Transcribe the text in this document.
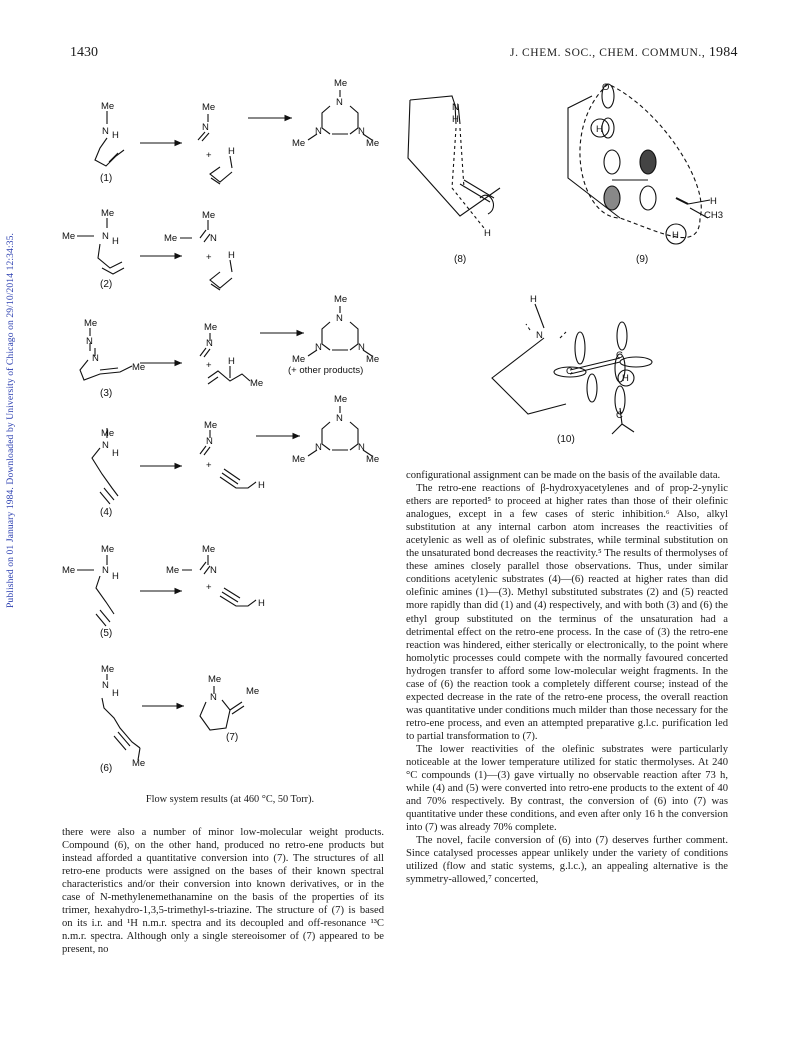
Published on 01 January 1984. Downloaded by University of Chicago on 29/10/2014 12:34:35.
1430	J. CHEM. SOC., CHEM. COMMUN., 1984
Me
N H
Me
N
+ H
Me
N
N	N
Me	Me
(1)
Me
Me	N H
Me
Me	N
+ H
(2)
Me
N
N
Me
Me
N
+ H
Me
(+ other products)
Me
N
N	N
Me	Me
(3)
Me
N
H
Me
N
+
H
Me
N
N	N
Me	Me
(4)
Me
Me	N
H
Me
Me	N
+
H
(5)
Me
N
H
Me
(6)
Me
N
Me
(7)
N
H
H
(8)
O
H
H
H
CH3
(9)
H
N
C
C
H
C
(10)

Flow system results (at 460 °C, 50 Torr).

there were also a number of minor low-molecular weight products. Compound (6), on the other hand, produced no retro-ene products but instead afforded a quantitative conversion into (7). The structures of all retro-ene products were assigned on the bases of their known spectral characteristics and/or their conversion into known derivatives, or in the case of N-methylenemethanamine on the basis of the properties of its trimer, hexahydro-1,3,5-trimethyl-s-triazine. The structure of (7) is based on its i.r. and ¹H n.m.r. spectra and its decoupled and off-resonance ¹³C n.m.r. spectra. Although only a single stereoisomer of (7) appeared to be present, no

configurational assignment can be made on the basis of the available data.

The retro-ene reactions of β-hydroxyacetylenes and of prop-2-ynylic ethers are reported⁵ to proceed at higher rates than those of their olefinic analogues, except in a few cases of steric inhibition.⁶ Also, alkyl substitution at any internal carbon atom increases the reactivities of acetylenic as well as of olefinic substrates, while terminal substitution on the unsaturated bond decreases the reactivity.⁵ The results of thermolyses of these amines closely parallel those observations. Thus, under similar conditions acetylenic substrates (4)—(6) reacted at higher rates than did olefinic amines (1)—(3). Methyl substituted substrates (2) and (5) reacted more rapidly than did (1) and (4) respectively, and with both (3) and (6) the ethyl group substituted on the terminus of the unsaturation had a detrimental effect on the retro-ene process. In the case of (3) the retro-ene reaction was hindered, either sterically or electronically, to the point where homolytic processes could compete with the normally favoured concerted hydrogen transfer to afford some low-molecular weight fragments. In the case of (6) the reaction took a completely different course; instead of the expected decrease in the rate of the retro-ene process, the overall reaction was quantitative under conditions much milder than those necessary for the retro-ene process, and even an attempted preparative g.l.c. purification led to partial transformation to (7).

The lower reactivities of the olefinic substrates were particularly noticeable at the lower temperature utilized for static thermolyses. At 240 °C compounds (1)—(3) gave virtually no observable reaction after 73 h, while (4) and (5) were converted into retro-ene products to the extent of 40 and 70% respectively. By contrast, the conversion of (6) into (7) was quantitative under these conditions, and even after only 16 h the conversion into (7) was already 70% complete.

The novel, facile conversion of (6) into (7) deserves further comment. Since catalysed processes appear unlikely under the variety of conditions utilized (flow and static systems, g.l.c.), an appealing alternative is the symmetry-allowed,⁷ concerted,
